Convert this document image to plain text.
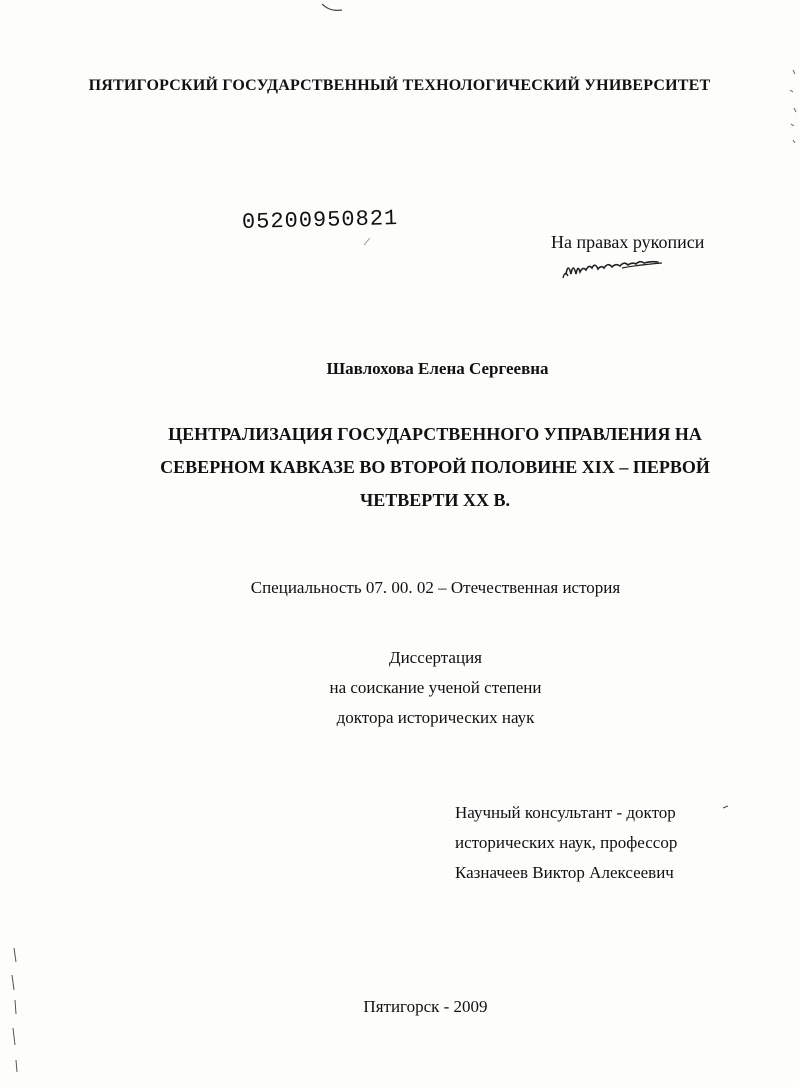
ПЯТИГОРСКИЙ ГОСУДАРСТВЕННЫЙ ТЕХНОЛОГИЧЕСКИЙ УНИВЕРСИТЕТ
05200950821
На правах рукописи
Шавлохова Елена Сергеевна
ЦЕНТРАЛИЗАЦИЯ ГОСУДАРСТВЕННОГО УПРАВЛЕНИЯ НА
СЕВЕРНОМ КАВКАЗЕ ВО ВТОРОЙ ПОЛОВИНЕ XIX – ПЕРВОЙ
ЧЕТВЕРТИ XX В.
Специальность 07. 00. 02 – Отечественная история
Диссертация
на соискание ученой степени
доктора исторических наук
Научный консультант - доктор
исторических наук, профессор
Казначеев Виктор Алексеевич
Пятигорск - 2009
